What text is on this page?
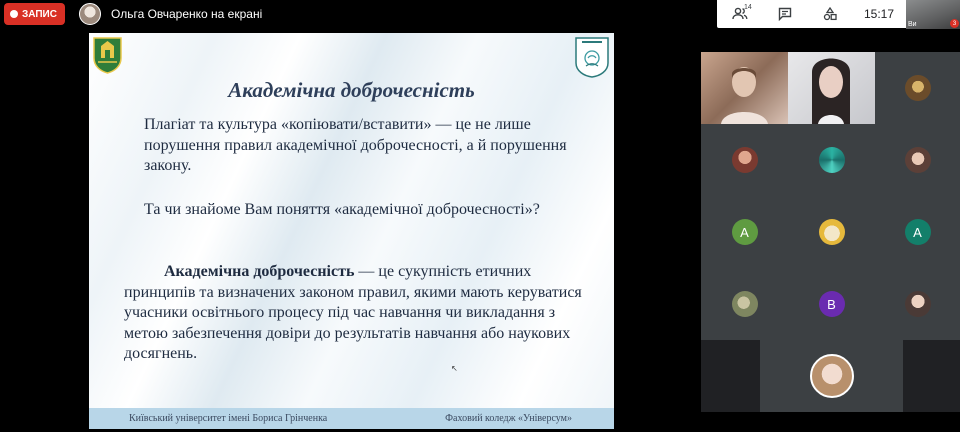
ЗАПИС	Ольга Овчаренко на екрані	14	15:17
Ви	3
Академічна доброчесність
Плагіат та культура «копіювати/вставити» — це не лише порушення правил академічної доброчесності, а й порушення закону.
Та чи знайоме Вам поняття «академічної доброчесності»?
Академічна доброчесність — це сукупність етичних принципів та визначених законом правил, якими мають керуватися учасники освітнього процесу під час навчання чи викладання з метою забезпечення довіри до результатів навчання або наукових досягнень.
Київський університет імені Бориса Грінченка	Фаховий коледж «Універсум»
↖
A	A
B
